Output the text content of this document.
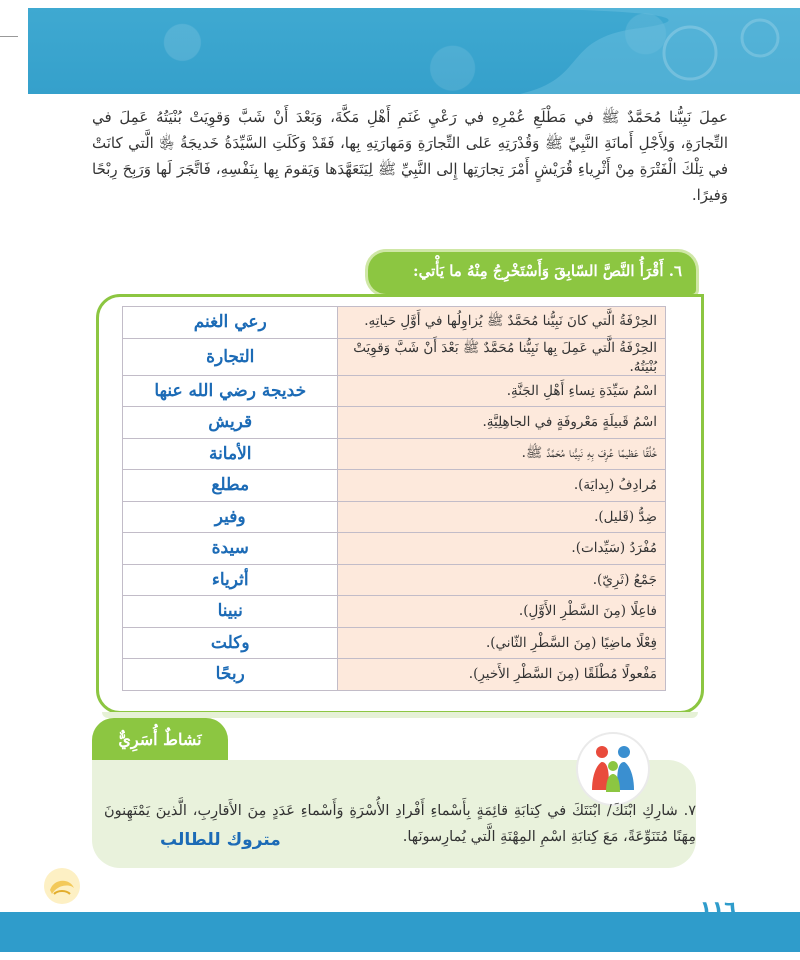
عمِلَ نَبِيُّنا مُحَمَّدٌ ﷺ في مَطْلَعِ عُمْرِهِ في رَعْيِ غَنَمِ أَهْلِ مَكَّةَ، وَبَعْدَ أَنْ شَبَّ وَقوِيَتْ بُنْيَتُهُ عَمِلَ في التِّجارَةِ، وَلِأَجْلِ أَمانَةِ النَّبِيِّ ﷺ وَقُدْرَتِهِ عَلى التِّجارَةِ وَمَهارَتِهِ بِها، فَقَدْ وَكَلَتِ السَّيِّدَةُ خَديجَةُ ﵂ الَّتي كانَتْ في تِلْكَ الْفَتْرَةِ مِنْ أَثْرِياءِ قُرَيْشٍ أَمْرَ تِجارَتِها إِلى النَّبِيِّ ﷺ لِيَتَعَهَّدَها وَيَقومَ بِها بِنَفْسِهِ، فَاتَّجَرَ لَها وَرَبِحَ رِبْحًا وَفيرًا.
٦. أَقْرَأُ النَّصَّ السّابِقَ وَأَسْتَخْرِجُ مِنْهُ ما يَأْتي:
الحِرْفَةُ الَّتي كانَ نَبِيُّنا مُحَمَّدٌ ﷺ يُزاوِلُها في أَوَّلِ حَياتِهِ.	رعي الغنم
الحِرْفَةُ الَّتي عَمِلَ بِها نَبِيُّنا مُحَمَّدٌ ﷺ بَعْدَ أَنْ شَبَّ وَقوِيَتْ بُنْيَتُهُ.	التجارة
اسْمُ سَيِّدَةِ نِساءِ أَهْلِ الجَنَّةِ.	خديجة رضي الله عنها
اسْمُ قَبيلَةٍ مَعْروفَةٍ في الجاهِلِيَّةِ.	قريش
خُلُقًا عَظيمًا عُرِفَ بِهِ نَبِيُّنا مُحَمَّدٌ ﷺ.	الأمانة
مُرادِفُ (بِدايَة).	مطلع
ضِدُّ (قَليل).	وفير
مُفْرَدُ (سَيِّدات).	سيدة
جَمْعُ (ثَرِيّ).	أثرياء
فاعِلًا (مِنَ السَّطْرِ الأَوَّلِ).	نبينا
فِعْلًا ماضِيًا (مِنَ السَّطْرِ الثّاني).	وكلت
مَفْعولًا مُطْلَقًا (مِنَ السَّطْرِ الأَخيرِ).	ربحًا
نَشاطٌ أُسَرِيٌّ
٧. شارِكِ ابْنَكَ/ ابْنَتَكَ في كِتابَةِ قائِمَةٍ بِأَسْماءِ أَفْرادِ الأُسْرَةِ وَأَسْماءِ عَدَدٍ مِنَ الأَقارِبِ، الَّذينَ يَمْتَهِنونَ مِهَنًا مُتَنَوِّعَةً، مَعَ كِتابَةِ اسْمِ المِهْنَةِ الَّتي يُمارِسونَها.
متروك للطالب
١١٦
